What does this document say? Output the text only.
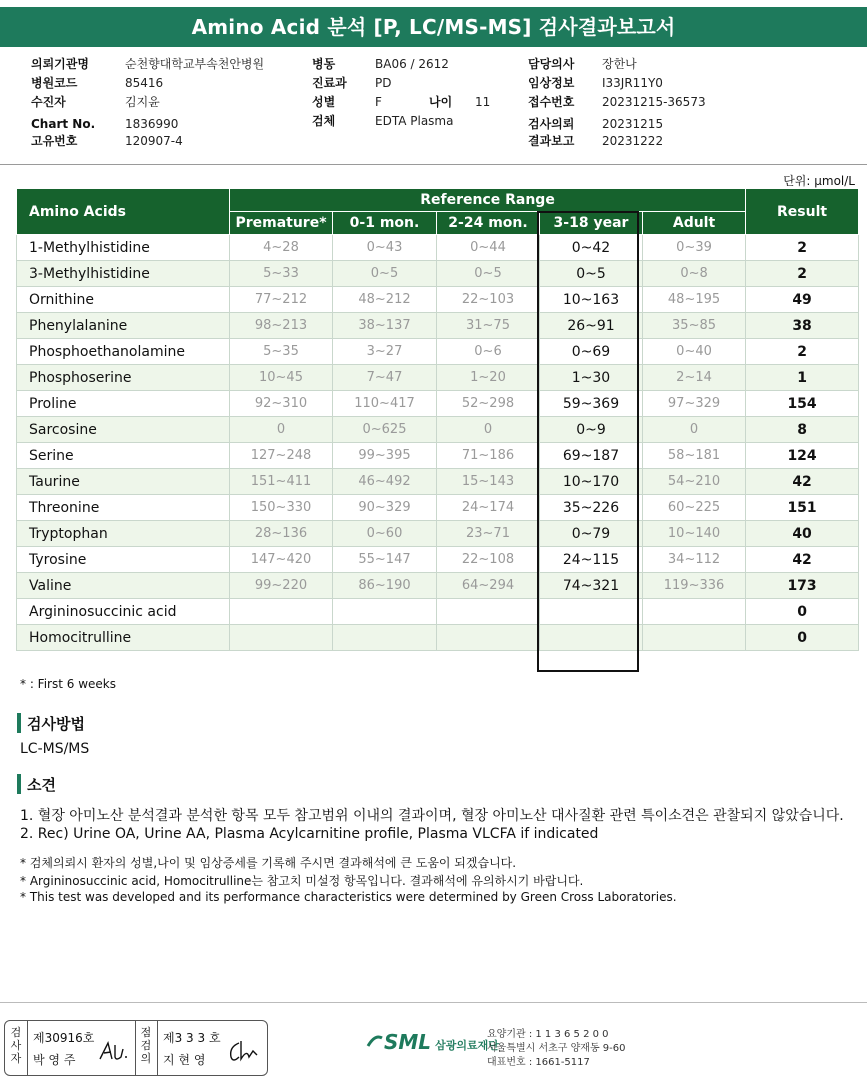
Amino Acid 분석 [P, LC/MS-MS] 검사결과보고서
의뢰기관명	순천향대학교부속천안병원
병원코드	85416
수진자	김지윤
Chart No. 1836990
고유번호	120907-4
병동	BA06 / 2612
진료과 PD
성별	F	나이 11
검체	EDTA Plasma
담당의사 장한나
임상정보 I33JR11Y0
접수번호 20231215-36573
검사의뢰 20231215
결과보고 20231222
단위: μmol/L
Amino Acids	Reference Range					Result
	Premature*	0-1 mon.	2-24 mon.	3-18 year	Adult	
1-Methylhistidine	4~28	0~43	0~44	0~42	0~39	2
3-Methylhistidine	5~33	0~5	0~5	0~5	0~8	2
Ornithine	77~212	48~212	22~103	10~163	48~195	49
Phenylalanine	98~213	38~137	31~75	26~91	35~85	38
Phosphoethanolamine	5~35	3~27	0~6	0~69	0~40	2
Phosphoserine	10~45	7~47	1~20	1~30	2~14	1
Proline	92~310	110~417	52~298	59~369	97~329	154
Sarcosine	0	0~625	0	0~9	0	8
Serine	127~248	99~395	71~186	69~187	58~181	124
Taurine	151~411	46~492	15~143	10~170	54~210	42
Threonine	150~330	90~329	24~174	35~226	60~225	151
Tryptophan	28~136	0~60	23~71	0~79	10~140	40
Tyrosine	147~420	55~147	22~108	24~115	34~112	42
Valine	99~220	86~190	64~294	74~321	119~336	173
Argininosuccinic acid						0
Homocitrulline						0
* : First 6 weeks
검사방법
LC-MS/MS
소견
1. 혈장 아미노산 분석결과 분석한 항목 모두 참고범위 이내의 결과이며, 혈장 아미노산 대사질환 관련 특이소견은 관찰되지 않았습니다.
2. Rec) Urine OA, Urine AA, Plasma Acylcarnitine profile, Plasma VLCFA if indicated
* 검체의뢰시 환자의 성별,나이 및 임상증세를 기록해 주시면 결과해석에 큰 도움이 되겠습니다.
* Argininosuccinic acid, Homocitrulline는 참고치 미설정 항목입니다. 결과해석에 유의하시기 바랍니다.
* This test was developed and its performance characteristics were determined by Green Cross Laboratories.
검
사
자
제30916호
박 영 주
점
검
의
제3 3 3 호
지 현 영
SML 삼광의료재단
요양기관 : 1 1 3 6 5 2 0 0
서울특별시 서초구 양재동 9-60
대표번호 : 1661-5117
